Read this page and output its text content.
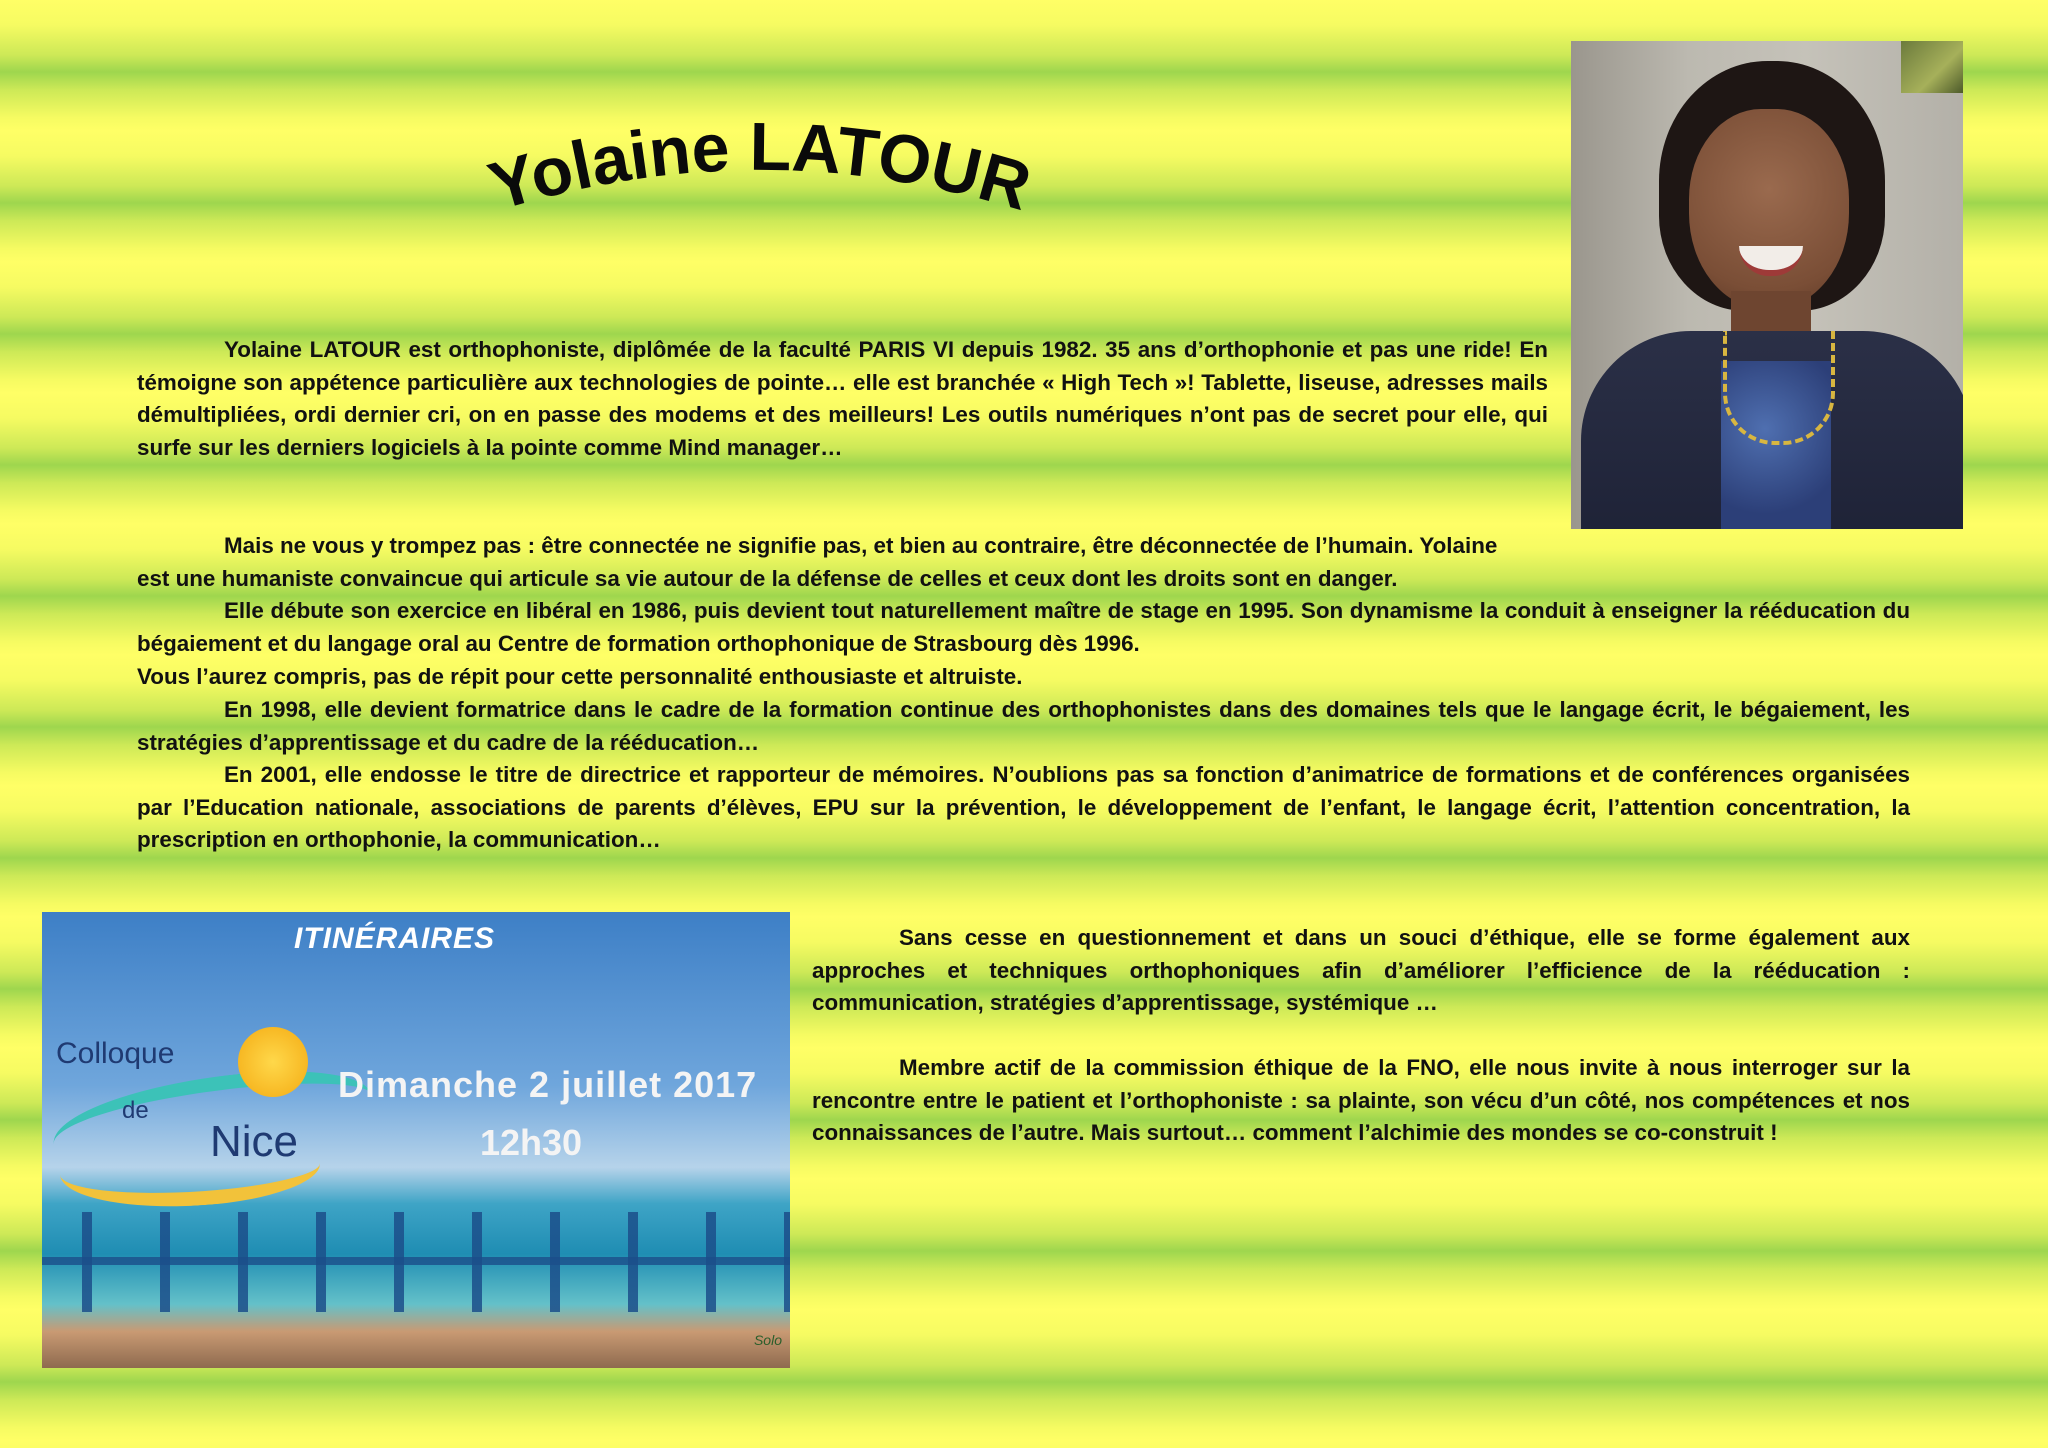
Yolaine LATOUR

Yolaine LATOUR est orthophoniste, diplômée de la faculté PARIS VI depuis 1982. 35 ans d’orthophonie et pas une ride! En témoigne son appétence particulière aux technologies de pointe… elle est branchée « High Tech »! Tablette, liseuse, adresses mails démultipliées, ordi dernier cri, on en passe des modems et des meilleurs! Les outils numériques n’ont pas de secret pour elle, qui surfe sur les derniers logiciels à la pointe comme Mind manager…

Mais ne vous y trompez pas : être connectée ne signifie pas, et bien au contraire, être déconnectée de l’humain. Yolaine

est une humaniste convaincue qui articule sa vie autour de la défense de celles et ceux dont les droits sont en danger.

Elle débute son exercice en libéral en 1986, puis devient tout naturellement maître de stage en 1995. Son dynamisme la conduit à enseigner la rééducation du bégaiement et du langage oral au Centre de formation orthophonique de Strasbourg dès 1996.

Vous l’aurez compris, pas de répit pour cette personnalité enthousiaste et altruiste.

En 1998, elle devient formatrice dans le cadre de la formation continue des orthophonistes dans des domaines tels que le langage écrit, le bégaiement, les stratégies d’apprentissage et du cadre de la rééducation…

En 2001, elle endosse le titre de directrice et rapporteur de mémoires. N’oublions pas sa fonction d’animatrice de formations et de conférences organisées par l’Education nationale, associations de parents d’élèves, EPU sur la prévention, le développement de l’enfant, le langage écrit, l’attention concentration, la prescription en orthophonie, la communication…

ITINÉRAIRES
Colloque
de
Nice
Dimanche 2 juillet 2017
12h30
Solo

Sans cesse en questionnement et dans un souci d’éthique, elle se forme également aux approches et techniques orthophoniques afin d’améliorer l’efficience de la rééducation : communication, stratégies d’apprentissage, systémique …

Membre actif de la commission éthique de la FNO, elle nous invite à nous interroger sur la rencontre entre le patient et l’orthophoniste : sa plainte, son vécu d’un côté, nos compétences et nos connaissances de l’autre. Mais surtout… comment l’alchimie des mondes se co-construit !
